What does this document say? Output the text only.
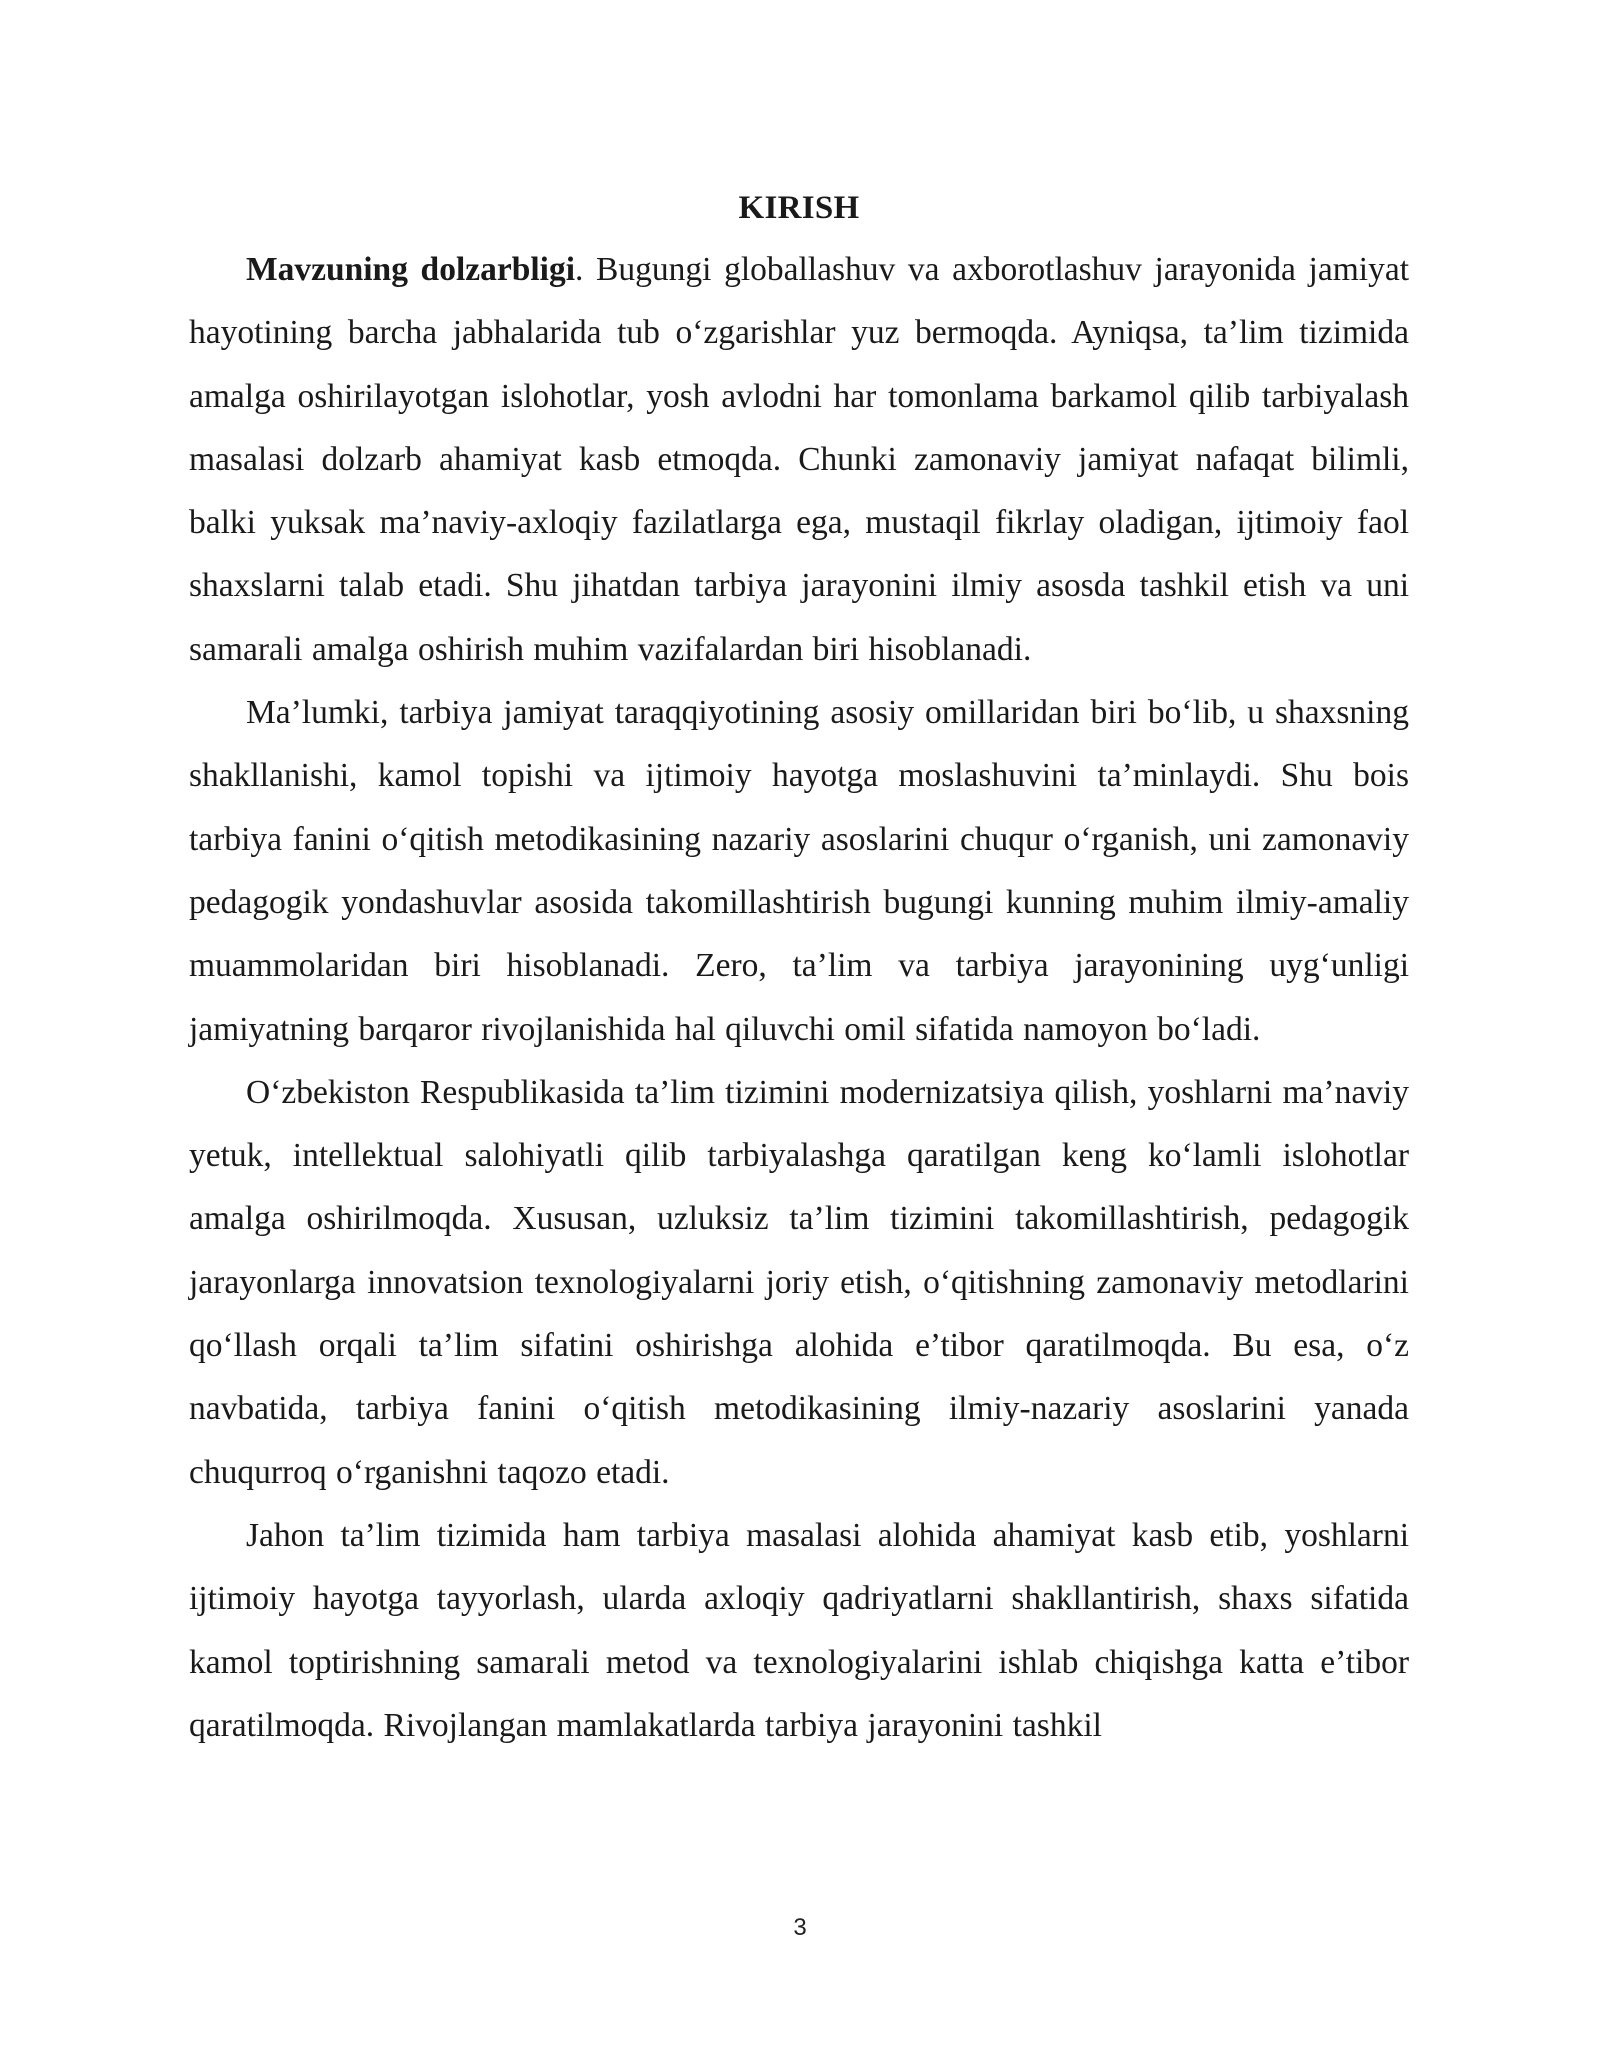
KIRISH

Mavzuning dolzarbligi. Bugungi globallashuv va axborotlashuv jarayonida jamiyat hayotining barcha jabhalarida tub o‘zgarishlar yuz bermoqda. Ayniqsa, ta’lim tizimida amalga oshirilayotgan islohotlar, yosh avlodni har tomonlama barkamol qilib tarbiyalash masalasi dolzarb ahamiyat kasb etmoqda. Chunki zamonaviy jamiyat nafaqat bilimli, balki yuksak ma’naviy-axloqiy fazilatlarga ega, mustaqil fikrlay oladigan, ijtimoiy faol shaxslarni talab etadi. Shu jihatdan tarbiya jarayonini ilmiy asosda tashkil etish va uni samarali amalga oshirish muhim vazifalardan biri hisoblanadi.

Ma’lumki, tarbiya jamiyat taraqqiyotining asosiy omillaridan biri bo‘lib, u shaxsning shakllanishi, kamol topishi va ijtimoiy hayotga moslashuvini ta’minlaydi. Shu bois tarbiya fanini o‘qitish metodikasining nazariy asoslarini chuqur o‘rganish, uni zamonaviy pedagogik yondashuvlar asosida takomillashtirish bugungi kunning muhim ilmiy-amaliy muammolaridan biri hisoblanadi. Zero, ta’lim va tarbiya jarayonining uyg‘unligi jamiyatning barqaror rivojlanishida hal qiluvchi omil sifatida namoyon bo‘ladi.

O‘zbekiston Respublikasida ta’lim tizimini modernizatsiya qilish, yoshlarni ma’naviy yetuk, intellektual salohiyatli qilib tarbiyalashga qaratilgan keng ko‘lamli islohotlar amalga oshirilmoqda. Xususan, uzluksiz ta’lim tizimini takomillashtirish, pedagogik jarayonlarga innovatsion texnologiyalarni joriy etish, o‘qitishning zamonaviy metodlarini qo‘llash orqali ta’lim sifatini oshirishga alohida e’tibor qaratilmoqda. Bu esa, o‘z navbatida, tarbiya fanini o‘qitish metodikasining ilmiy-nazariy asoslarini yanada chuqurroq o‘rganishni taqozo etadi.

Jahon ta’lim tizimida ham tarbiya masalasi alohida ahamiyat kasb etib, yoshlarni ijtimoiy hayotga tayyorlash, ularda axloqiy qadriyatlarni shakllantirish, shaxs sifatida kamol toptirishning samarali metod va texnologiyalarini ishlab chiqishga katta e’tibor qaratilmoqda. Rivojlangan mamlakatlarda tarbiya jarayonini tashkil

3
